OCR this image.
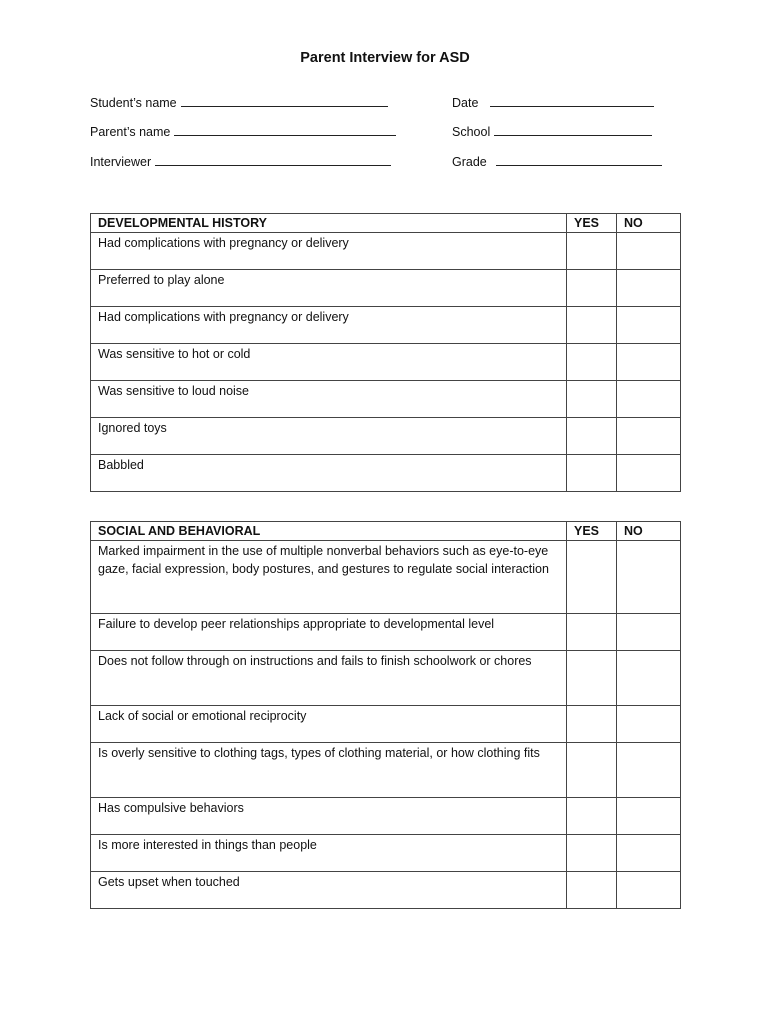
Parent Interview for ASD
Student’s name
Parent’s name
Interviewer
Date
School
Grade
DEVELOPMENTAL HISTORY	YES	NO
Had complications with pregnancy or delivery		
Preferred to play alone		
Had complications with pregnancy or delivery		
Was sensitive to hot or cold		
Was sensitive to loud noise		
Ignored toys		
Babbled		
SOCIAL AND BEHAVIORAL	YES	NO
Marked impairment in the use of multiple nonverbal behaviors such as eye-to-eye gaze, facial expression, body postures, and gestures to regulate social interaction		
Failure to develop peer relationships appropriate to developmental level		
Does not follow through on instructions and fails to finish schoolwork or chores		
Lack of social or emotional reciprocity		
Is overly sensitive to clothing tags, types of clothing material, or how clothing fits		
Has compulsive behaviors		
Is more interested in things than people		
Gets upset when touched		
